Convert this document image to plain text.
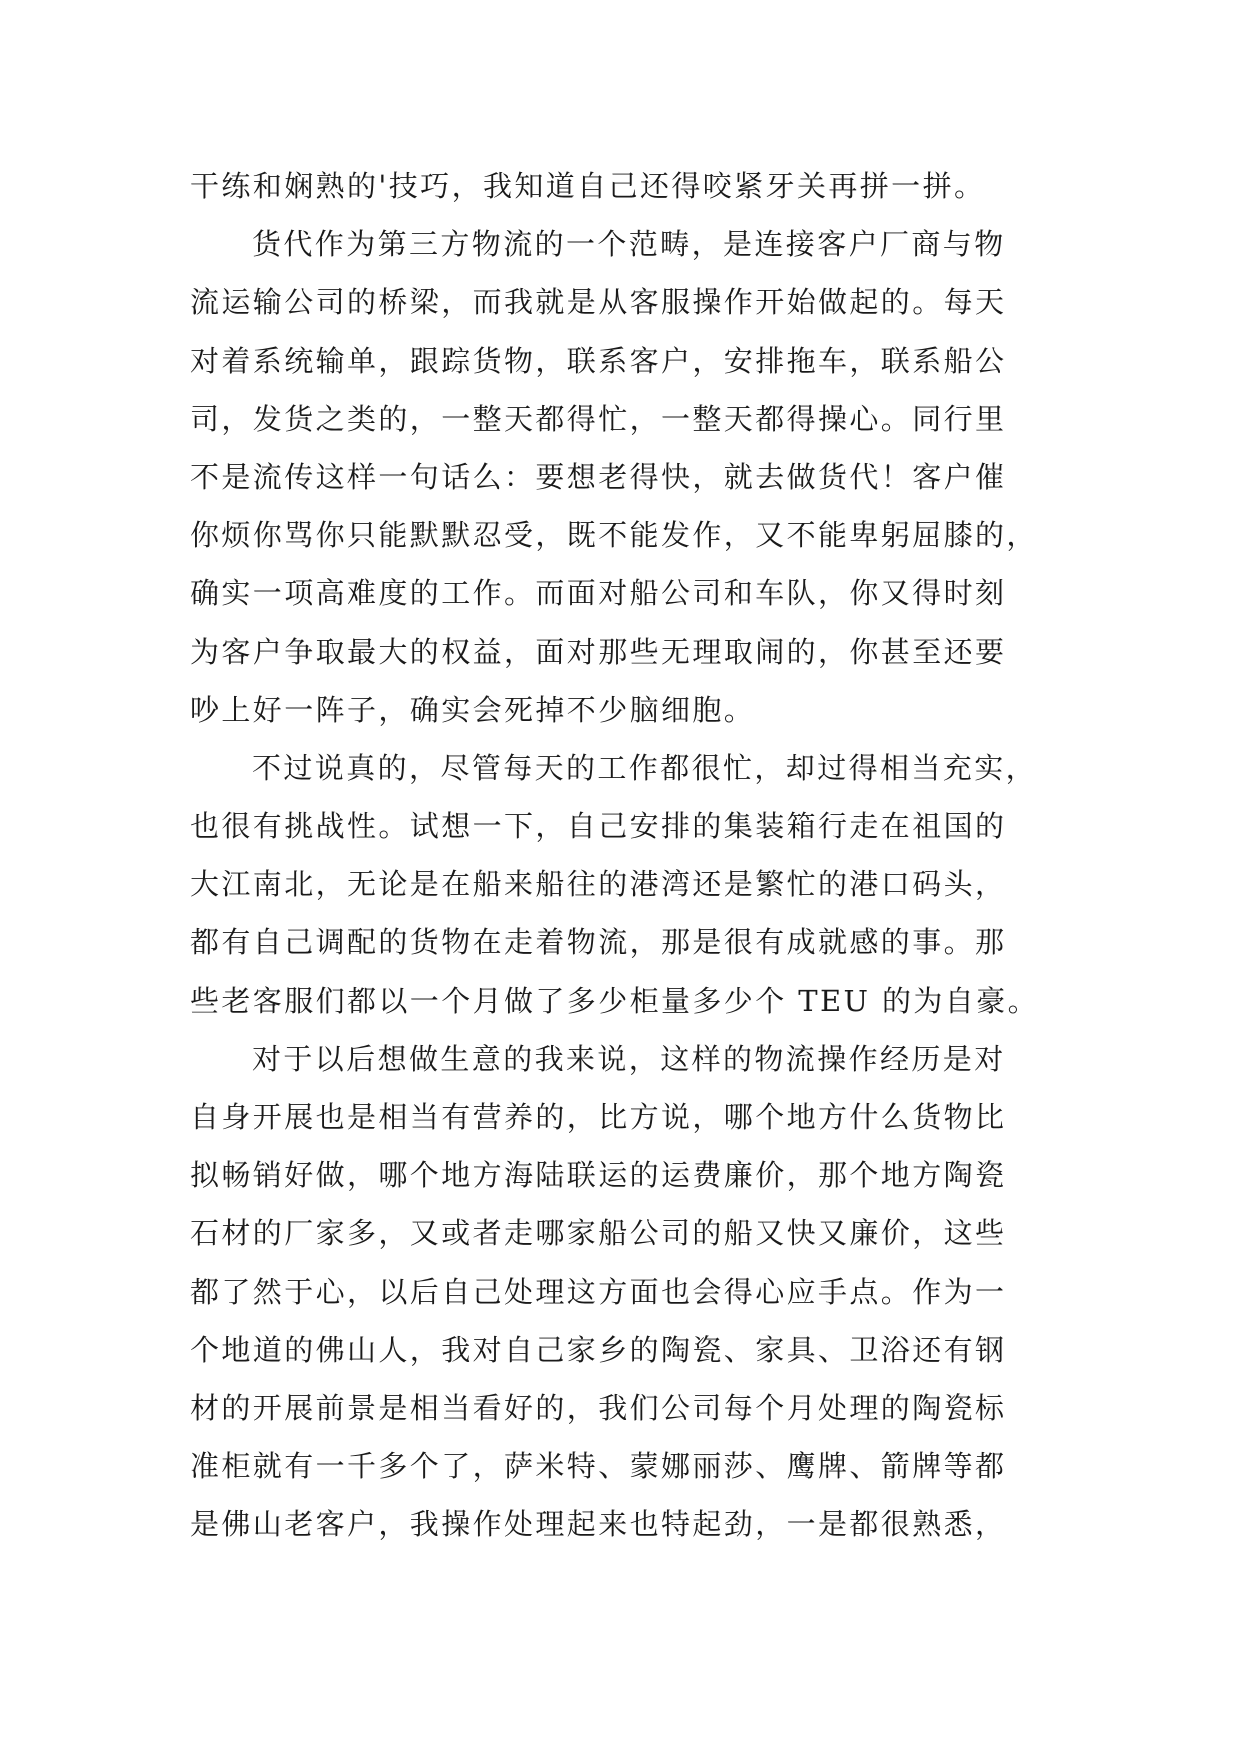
干练和娴熟的'技巧，我知道自己还得咬紧牙关再拼一拼。
货代作为第三方物流的一个范畴，是连接客户厂商与物
流运输公司的桥梁，而我就是从客服操作开始做起的。每天
对着系统输单，跟踪货物，联系客户，安排拖车，联系船公
司，发货之类的，一整天都得忙，一整天都得操心。同行里
不是流传这样一句话么：要想老得快，就去做货代！客户催
你烦你骂你只能默默忍受，既不能发作，又不能卑躬屈膝的，
确实一项高难度的工作。而面对船公司和车队，你又得时刻
为客户争取最大的权益，面对那些无理取闹的，你甚至还要
吵上好一阵子，确实会死掉不少脑细胞。
不过说真的，尽管每天的工作都很忙，却过得相当充实，
也很有挑战性。试想一下，自己安排的集装箱行走在祖国的
大江南北，无论是在船来船往的港湾还是繁忙的港口码头，
都有自己调配的货物在走着物流，那是很有成就感的事。那
些老客服们都以一个月做了多少柜量多少个 TEU 的为自豪。
对于以后想做生意的我来说，这样的物流操作经历是对
自身开展也是相当有营养的，比方说，哪个地方什么货物比
拟畅销好做，哪个地方海陆联运的运费廉价，那个地方陶瓷
石材的厂家多，又或者走哪家船公司的船又快又廉价，这些
都了然于心，以后自己处理这方面也会得心应手点。作为一
个地道的佛山人，我对自己家乡的陶瓷、家具、卫浴还有钢
材的开展前景是相当看好的，我们公司每个月处理的陶瓷标
准柜就有一千多个了，萨米特、蒙娜丽莎、鹰牌、箭牌等都
是佛山老客户，我操作处理起来也特起劲，一是都很熟悉，
